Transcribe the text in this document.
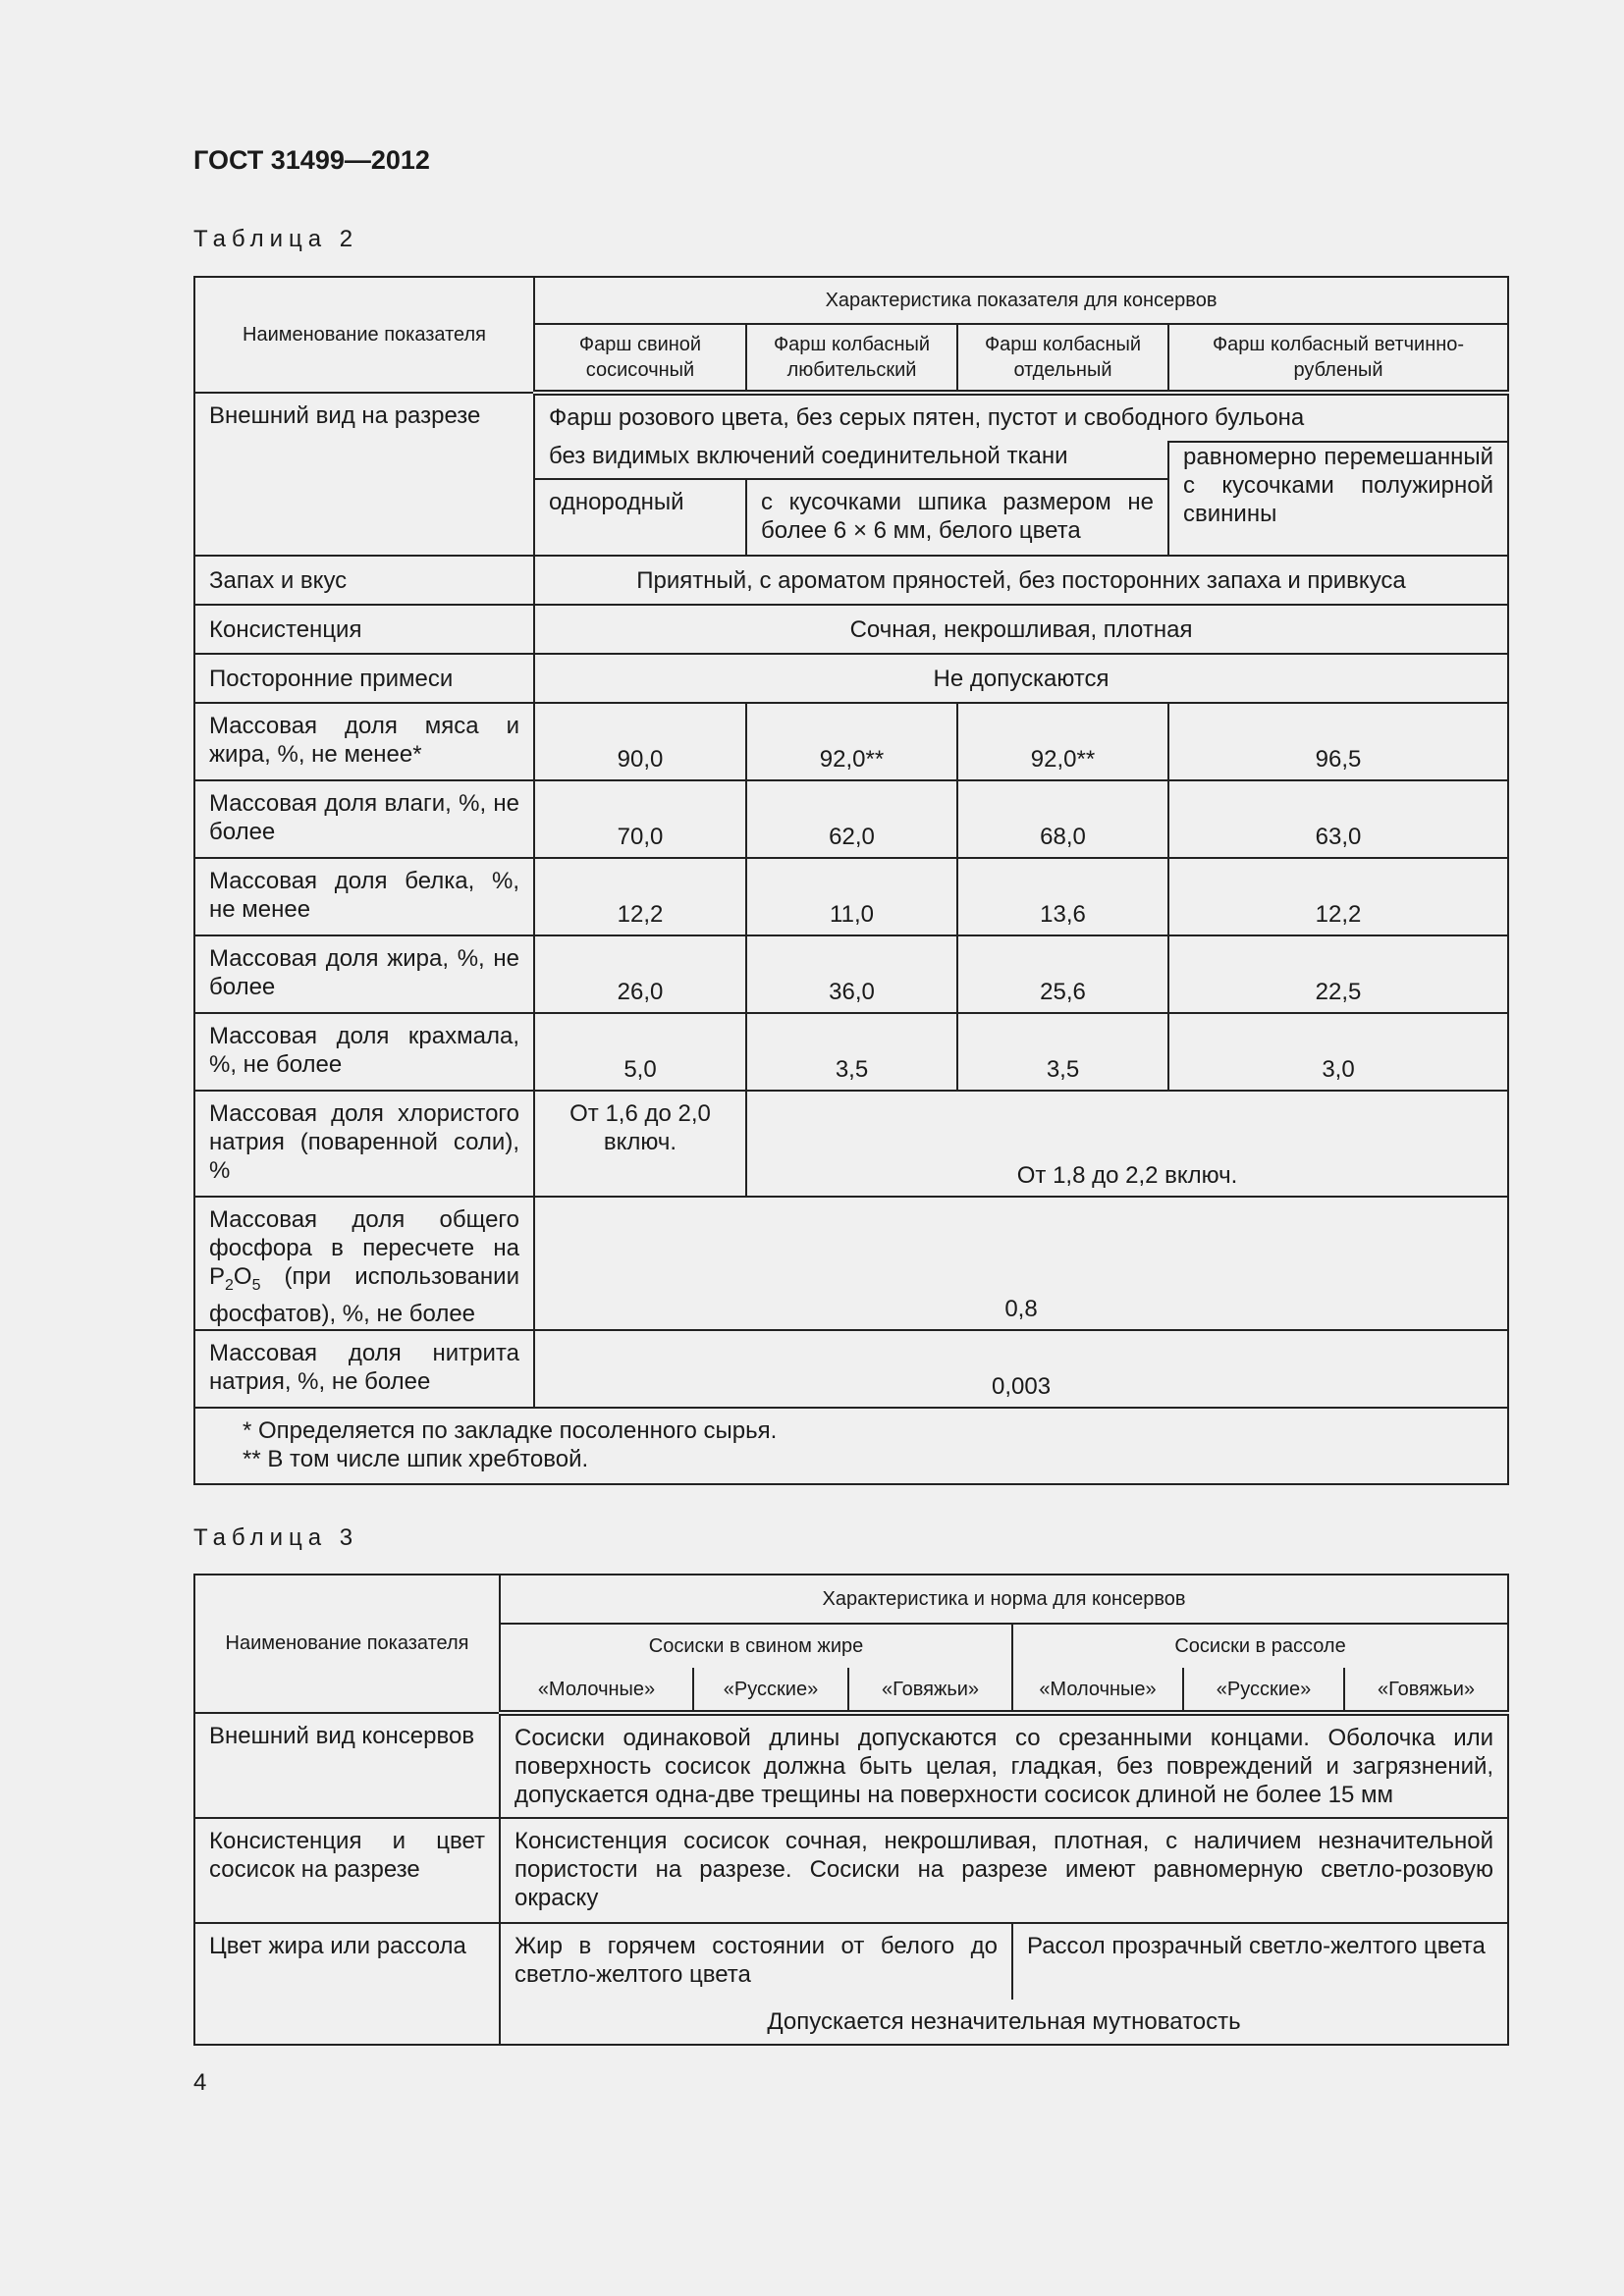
ГОСТ 31499—2012
Таблица 2
Наименование показателя	Характеристика показателя для консервов			
	Фарш свиной сосисочный	Фарш колбасный любительский	Фарш колбасный отдельный	Фарш колбасный ветчинно-рубленый
Внешний вид на разрезе	Фарш розового цвета, без серых пятен, пустот и свободного бульона			
	без видимых включений соединительной ткани			равномерно перемешанный с кусочками полужирной свинины
	однородный	с кусочками шпика размером не более 6 × 6 мм, белого цвета		
Запах и вкус	Приятный, с ароматом пряностей, без посторонних запаха и привкуса			
Консистенция	Сочная, некрошливая, плотная			
Посторонние примеси	Не допускаются			
Массовая доля мяса и жира, %, не менее*	90,0	92,0**	92,0**	96,5
Массовая доля влаги, %, не более	70,0	62,0	68,0	63,0
Массовая доля белка, %, не менее	12,2	11,0	13,6	12,2
Массовая доля жира, %, не более	26,0	36,0	25,6	22,5
Массовая доля крахмала, %, не более	5,0	3,5	3,5	3,0
Массовая доля хлористого натрия (поваренной соли), %	От 1,6 до 2,0 включ.	От 1,8 до 2,2 включ.		
Массовая доля общего фосфора в пересчете на $P_2O_5$ (при использовании фосфатов), %, не более	0,8			
Массовая доля нитрита натрия, %, не более	0,003			

* Определяется по закладке посоленного сырья.
** В том числе шпик хребтовой.				
Таблица 3
Наименование показателя	Характеристика и норма для консервов					
	Сосиски в свином жире			Сосиски в рассоле		
	«Молочные»	«Русские»	«Говяжьи»	«Молочные»	«Русские»	«Говяжьи»
Внешний вид консервов	Сосиски одинаковой длины допускаются со срезанными концами. Оболочка или поверхность сосисок должна быть целая, гладкая, без повреждений и загрязнений, допускается одна-две трещины на поверхности сосисок длиной не более 15 мм					
Консистенция и цвет сосисок на разрезе	Консистенция сосисок сочная, некрошливая, плотная, с наличием незначительной пористости на разрезе. Сосиски на разрезе имеют равномерную светло-розовую окраску					
Цвет жира или рассола	Жир в горячем состоянии от белого до светло-желтого цвета			Рассол прозрачный светло-желтого цвета		
	Допускается незначительная мутноватость					
4
